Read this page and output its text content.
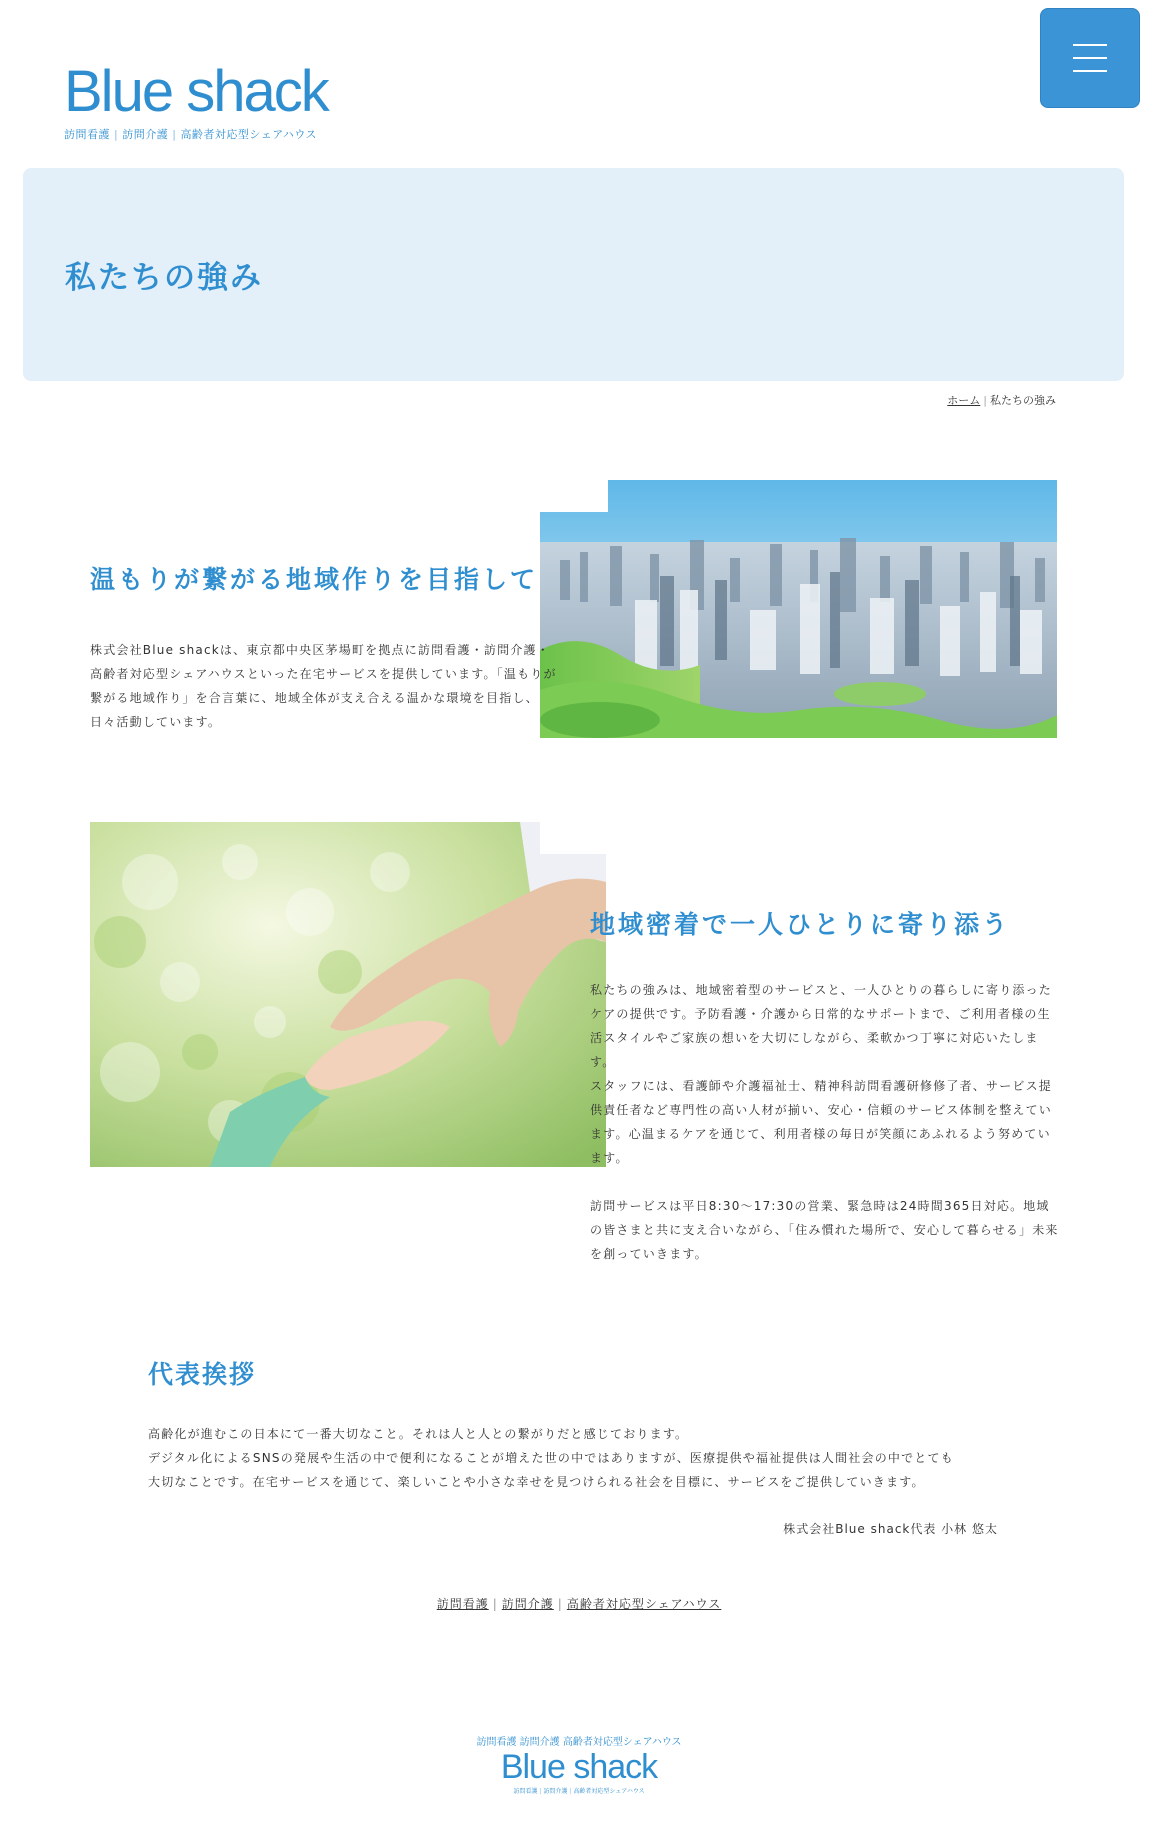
Blue shack
訪問看護 | 訪問介護 | 高齢者対応型シェアハウス
私たちの強み
ホーム | 私たちの強み
温もりが繋がる地域作りを目指して

株式会社Blue shackは、東京都中央区茅場町を拠点に訪問看護・訪問介護・高齢者対応型シェアハウスといった在宅サービスを提供しています。「温もりが繋がる地域作り」を合言葉に、地域全体が支え合える温かな環境を目指し、日々活動しています。

地域密着で一人ひとりに寄り添う

私たちの強みは、地域密着型のサービスと、一人ひとりの暮らしに寄り添ったケアの提供です。予防看護・介護から日常的なサポートまで、ご利用者様の生活スタイルやご家族の想いを大切にしながら、柔軟かつ丁寧に対応いたします。
スタッフには、看護師や介護福祉士、精神科訪問看護研修修了者、サービス提供責任者など専門性の高い人材が揃い、安心・信頼のサービス体制を整えています。心温まるケアを通じて、利用者様の毎日が笑顔にあふれるよう努めています。

訪問サービスは平日8:30〜17:30の営業、緊急時は24時間365日対応。地域の皆さまと共に支え合いながら、「住み慣れた場所で、安心して暮らせる」未来を創っていきます。

代表挨拶
高齢化が進むこの日本にて一番大切なこと。それは人と人との繋がりだと感じております。
デジタル化によるSNSの発展や生活の中で便利になることが増えた世の中ではありますが、医療提供や福祉提供は人間社会の中でとても
大切なことです。在宅サービスを通じて、楽しいことや小さな幸せを見つけられる社会を目標に、サービスをご提供していきます。
株式会社Blue shack代表 小林 悠太
訪問看護 | 訪問介護 | 高齢者対応型シェアハウス
訪問看護 訪問介護 高齢者対応型シェアハウス
Blue shack
訪問看護 | 訪問介護 | 高齢者対応型シェアハウス
